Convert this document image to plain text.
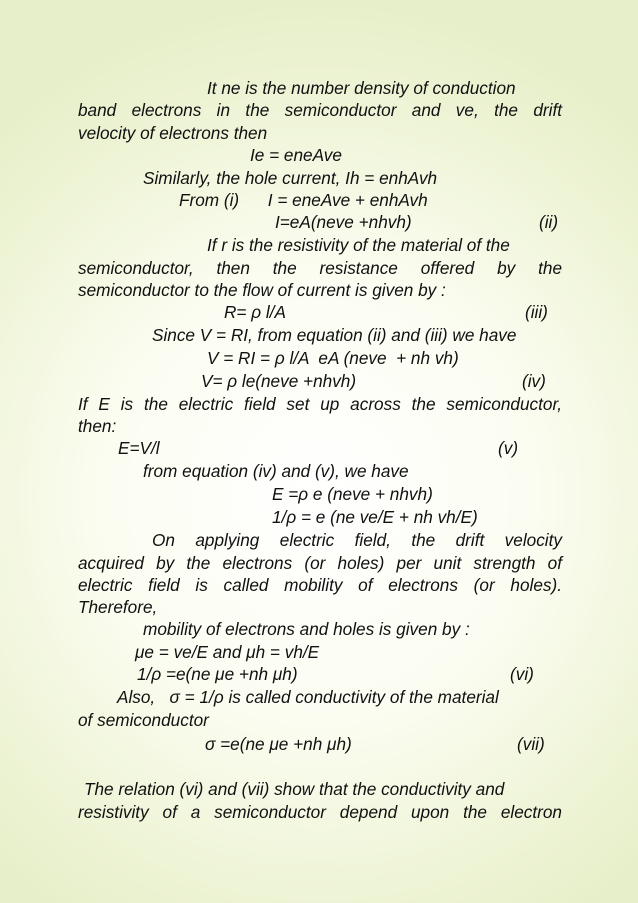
It ne is the number density of conduction
band electrons in the semiconductor and ve, the drift
velocity of electrons then
Ie = eneAve
Similarly, the hole current, Ih = enhAvh
From (i)      I = eneAve + enhAvh
I=eA(neve +nhvh)	(ii)
If r is the resistivity of the material of the
semiconductor, then the resistance offered by the
semiconductor to the flow of current is given by :
R= ρ l/A	(iii)
Since V = RI, from equation (ii) and (iii) we have
V = RI = ρ l/A  eA (neve  + nh vh)
V= ρ le(neve +nhvh)	(iv)
If E is the electric field set up across the semiconductor,
then:
E=V/l	(v)
from equation (iv) and (v), we have
E =ρ e (neve + nhvh)
1/ρ = e (ne ve/E + nh vh/E)
On applying electric field, the drift velocity
acquired by the electrons (or holes) per unit strength of
electric field is called mobility of electrons (or holes).
Therefore,
mobility of electrons and holes is given by :
μe = ve/E and μh = vh/E
1/ρ =e(ne μe +nh μh)	(vi)
Also,   σ = 1/ρ is called conductivity of the material
of semiconductor
σ =e(ne μe +nh μh)	(vii)
The relation (vi) and (vii) show that the conductivity and
resistivity of a semiconductor depend upon the electron
